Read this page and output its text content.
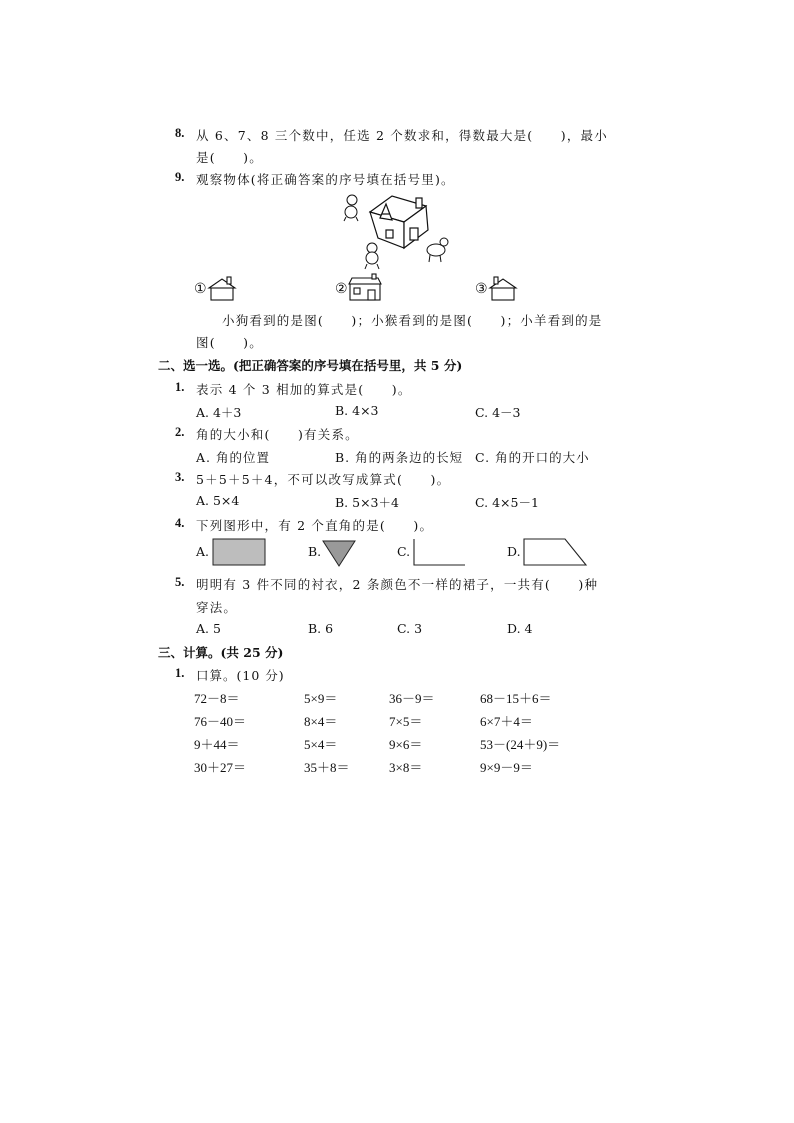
8. 从 6、7、8 三个数中，任选 2 个数求和，得数最大是(　　)，最小
是(　　)。
9. 观察物体(将正确答案的序号填在括号里)。
①	②	③
小狗看到的是图(　　)；小猴看到的是图(　　)；小羊看到的是
图(　　)。
二、选一选。(把正确答案的序号填在括号里，共 5 分)
1. 表示 4 个 3 相加的算式是(　　)。
A. 4＋3	B. 4×3	C. 4－3
2. 角的大小和(　　)有关系。
A. 角的位置	B. 角的两条边的长短 C. 角的开口的大小
3. 5＋5＋5＋4，不可以改写成算式(　　)。
A. 5×4	B. 5×3＋4	C. 4×5－1
4. 下列图形中，有 2 个直角的是(　　)。
A.	B.	C.	D.
5. 明明有 3 件不同的衬衣，2 条颜色不一样的裙子，一共有(　　)种
穿法。
A. 5	B. 6	C. 3	D. 4
三、计算。(共 25 分)
1. 口算。(10 分)
72－8＝	5×9＝	36－9＝	68－15＋6＝
76－40＝	8×4＝	7×5＝	6×7＋4＝
9＋44＝	5×4＝	9×6＝	53－(24＋9)＝
30＋27＝	35＋8＝	3×8＝	9×9－9＝
